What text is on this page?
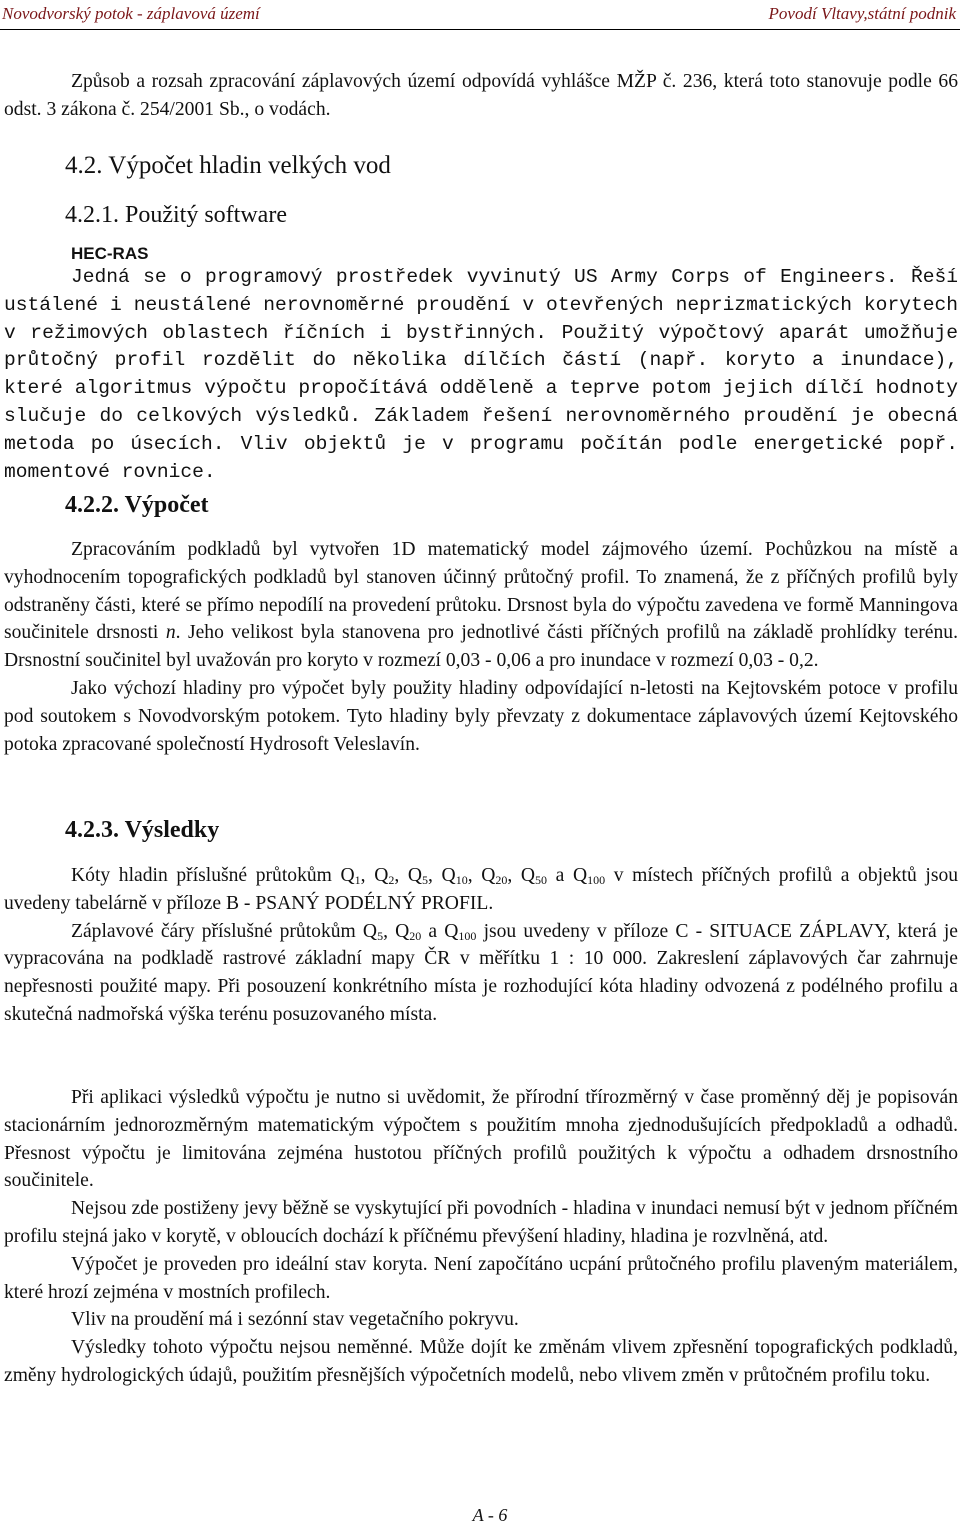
Novodvorský potok - záplavová území	Povodí Vltavy,státní podnik

Způsob a rozsah zpracování záplavových území odpovídá vyhlášce MŽP č. 236, která toto stanovuje podle 66 odst. 3 zákona č. 254/2001 Sb., o vodách.

4.2. Výpočet hladin velkých vod
4.2.1. Použitý software
HEC-RAS

Jedná se o programový prostředek vyvinutý US Army Corps of Engineers. Řeší ustálené i neustálené nerovnoměrné proudění v otevřených neprizmatických korytech v režimových oblastech říčních i bystřinných. Použitý výpočtový aparát umožňuje průtočný profil rozdělit do několika dílčích částí (např. koryto a inundace), které algoritmus výpočtu propočítává odděleně a teprve potom jejich dílčí hodnoty slučuje do celkových výsledků. Základem řešení nerovnoměrného proudění je obecná metoda po úsecích. Vliv objektů je v programu počítán podle energetické popř. momentové rovnice.

4.2.2. Výpočet

Zpracováním podkladů byl vytvořen 1D matematický model zájmového území. Pochůzkou na místě a vyhodnocením topografických podkladů byl stanoven účinný průtočný profil. To znamená, že z příčných profilů byly odstraněny části, které se přímo nepodílí na provedení průtoku. Drsnost byla do výpočtu zavedena ve formě Manningova součinitele drsnosti n. Jeho velikost byla stanovena pro jednotlivé části příčných profilů na základě prohlídky terénu. Drsnostní součinitel byl uvažován pro koryto v rozmezí 0,03 - 0,06 a pro inundace v rozmezí 0,03 - 0,2.

Jako výchozí hladiny pro výpočet byly použity hladiny odpovídající n-letosti na Kejtovském potoce v profilu pod soutokem s Novodvorským potokem. Tyto hladiny byly převzaty z dokumentace záplavových území Kejtovského potoka zpracované společností Hydrosoft Veleslavín.

4.2.3. Výsledky

Kóty hladin příslušné průtokům $Q_1$, $Q_2$, $Q_5$, $Q_{10}$, $Q_{20}$, $Q_{50}$ a $Q_{100}$ v místech příčných profilů a objektů jsou uvedeny tabelárně v příloze B - PSANÝ PODÉLNÝ PROFIL.

Záplavové čáry příslušné průtokům $Q_5$, $Q_{20}$ a $Q_{100}$ jsou uvedeny v příloze C - SITUACE ZÁPLAVY, která je vypracována na podkladě rastrové základní mapy ČR v měřítku 1 : 10 000. Zakreslení záplavových čar zahrnuje nepřesnosti použité mapy. Při posouzení konkrétního místa je rozhodující kóta hladiny odvozená z podélného profilu a skutečná nadmořská výška terénu posuzovaného místa.

Při aplikaci výsledků výpočtu je nutno si uvědomit, že přírodní třírozměrný v čase proměnný děj je popisován stacionárním jednorozměrným matematickým výpočtem s použitím mnoha zjednodušujících předpokladů a odhadů. Přesnost výpočtu je limitována zejména hustotou příčných profilů použitých k výpočtu a odhadem drsnostního součinitele.

Nejsou zde postiženy jevy běžně se vyskytující při povodních - hladina v inundaci nemusí být v jednom příčném profilu stejná jako v korytě, v obloucích dochází k příčnému převýšení hladiny, hladina je rozvlněná, atd.

Výpočet je proveden pro ideální stav koryta. Není započítáno ucpání průtočného profilu plaveným materiálem, které hrozí zejména v mostních profilech.

Vliv na proudění má i sezónní stav vegetačního pokryvu.

Výsledky tohoto výpočtu nejsou neměnné. Může dojít ke změnám vlivem zpřesnění topografických podkladů, změny hydrologických údajů, použitím přesnějších výpočetních modelů, nebo vlivem změn v průtočném profilu toku.

A - 6
